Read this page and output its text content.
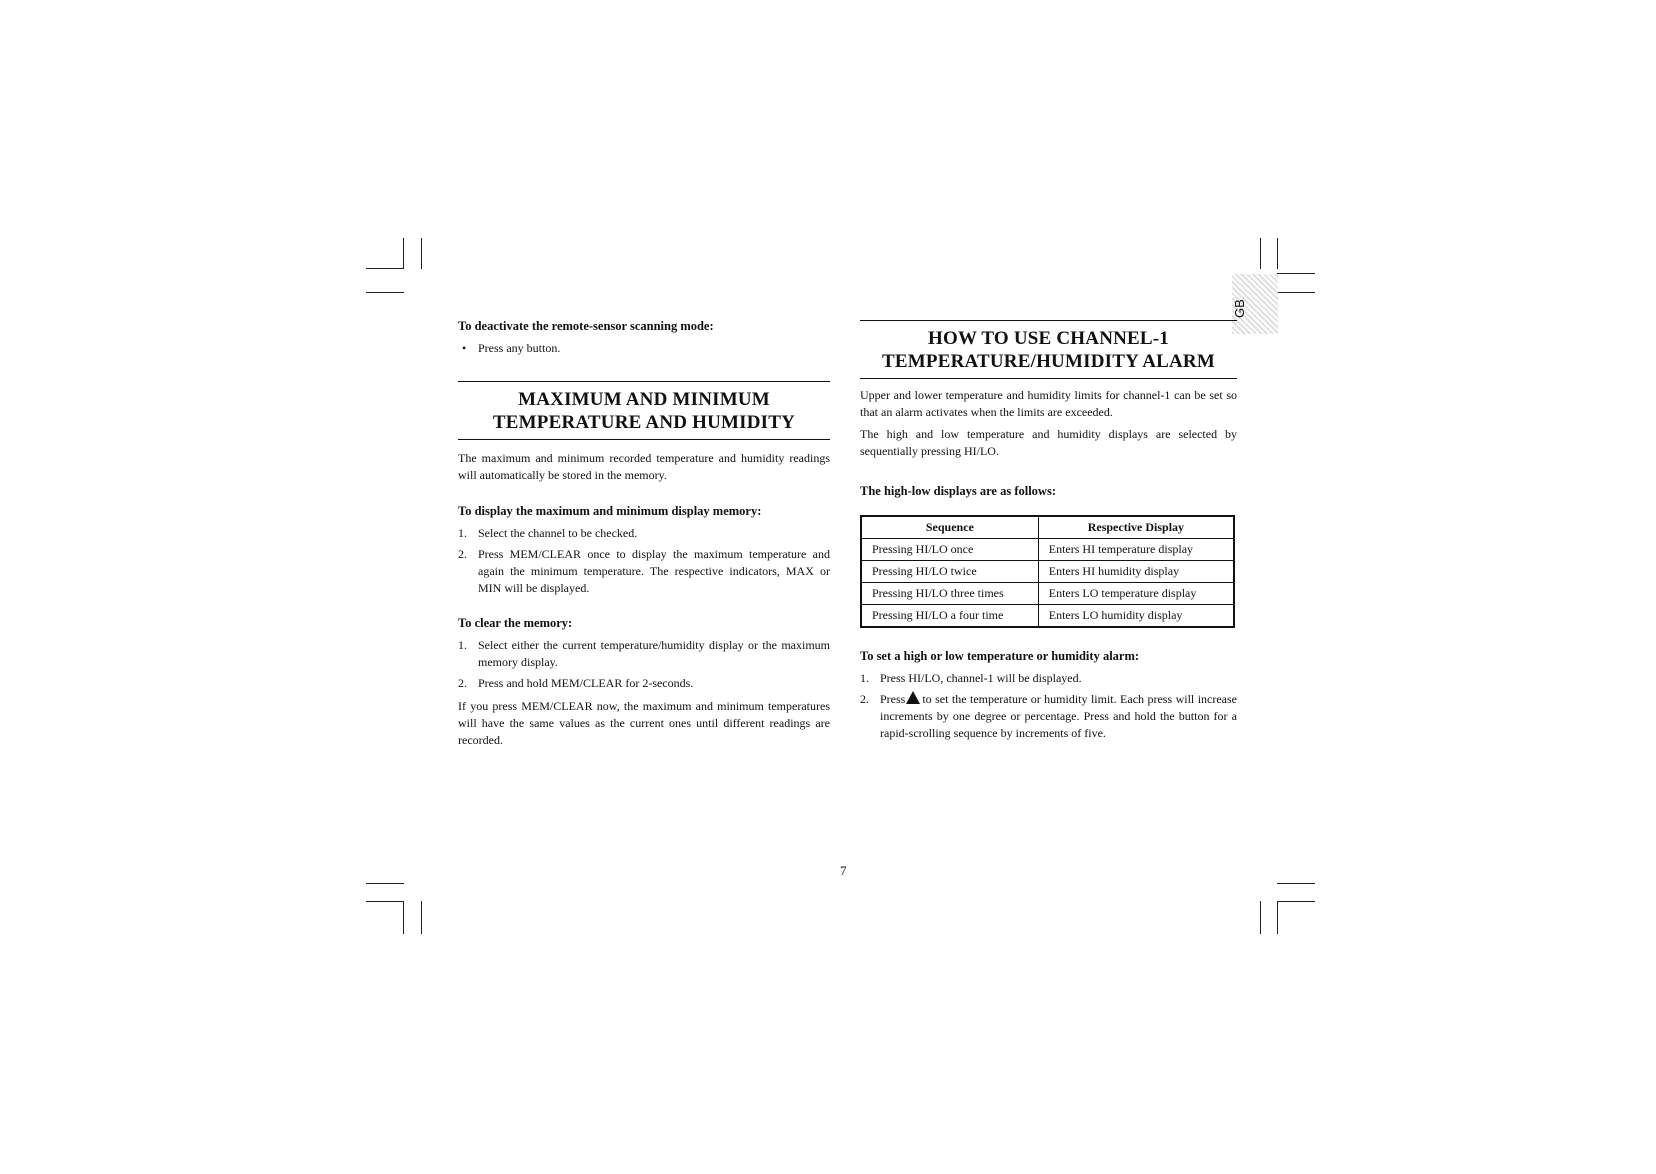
GB
To deactivate the remote-sensor scanning mode:
• Press any button.
MAXIMUM AND MINIMUM
TEMPERATURE AND HUMIDITY

The maximum and minimum recorded temperature and humidity readings will automatically be stored in the memory.

To display the maximum and minimum display memory:
1. Select the channel to be checked.
2. Press MEM/CLEAR once to display the maximum temperature and again the minimum temperature. The respective indicators, MAX or MIN will be displayed.
To clear the memory:
1. Select either the current temperature/humidity display or the maximum memory display.
2. Press and hold MEM/CLEAR for 2-seconds.

If you press MEM/CLEAR now, the maximum and minimum temperatures will have the same values as the current ones until different readings are recorded.

HOW TO USE CHANNEL-1
TEMPERATURE/HUMIDITY ALARM

Upper and lower temperature and humidity limits for channel-1 can be set so that an alarm activates when the limits are exceeded.

The high and low temperature and humidity displays are selected by sequentially pressing HI/LO.

The high-low displays are as follows:
Sequence	Respective Display
Pressing HI/LO once	Enters HI temperature display
Pressing HI/LO twice	Enters HI humidity display
Pressing HI/LO three times	Enters LO temperature display
Pressing HI/LO a four time	Enters LO humidity display
To set a high or low temperature or humidity alarm:
1. Press HI/LO, channel-1 will be displayed.
2. Press to set the temperature or humidity limit. Each press will increase increments by one degree or percentage. Press and hold the button for a rapid-scrolling sequence by increments of five.
7
